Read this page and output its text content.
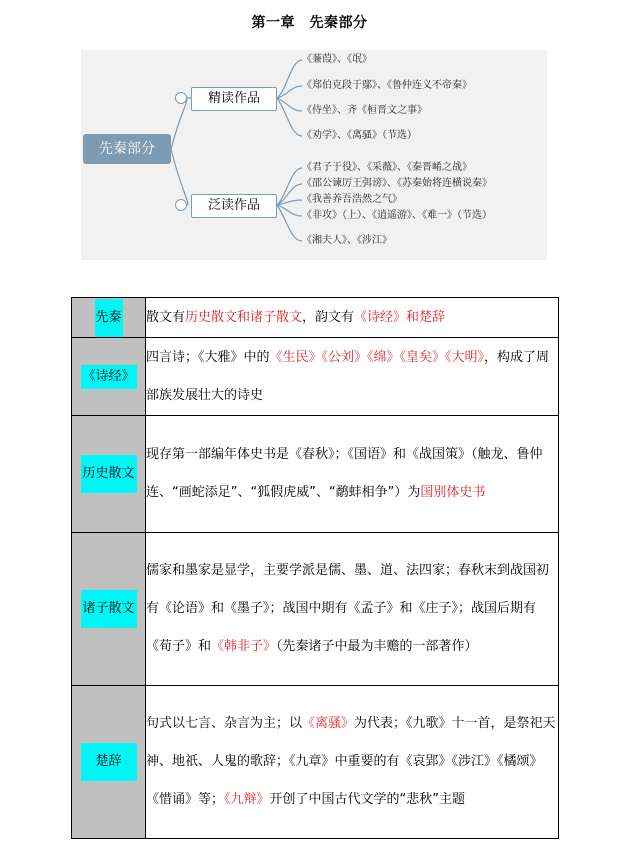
第一章　先秦部分
先秦部分
精读作品
泛读作品
《蒹葭》、《氓》
《郑伯克段于鄢》、《鲁仲连义不帝秦》
《侍坐》、齐《桓晋文之事》
《劝学》、《离骚》（节选）
《君子于役》、《采薇》、《秦晋崤之战》
《邵公谏厉王弭谤》、《苏秦始将连横说秦》
《我善养吾浩然之气》
《非攻》（上）、《逍遥游》、《难一》（节选）
《湘夫人》、《涉江》
先秦	散文有历史散文和诸子散文，韵文有《诗经》和楚辞
《诗经》	四言诗；《大雅》中的《生民》《公刘》《绵》《皇矣》《大明》，构成了周部族发展壮大的诗史
历史散文	现存第一部编年体史书是《春秋》；《国语》和《战国策》（触龙、鲁仲连、“画蛇添足”、“狐假虎威”、“鹬蚌相争”）为国别体史书
诸子散文	儒家和墨家是显学，主要学派是儒、墨、道、法四家；春秋末到战国初有《论语》和《墨子》；战国中期有《孟子》和《庄子》；战国后期有《荀子》和《韩非子》（先秦诸子中最为丰赡的一部著作）
楚辞	句式以七言、杂言为主；以《离骚》为代表；《九歌》十一首，是祭祀天神、地祇、人鬼的歌辞；《九章》中重要的有《哀郢》《涉江》《橘颂》《惜诵》等；《九辩》开创了中国古代文学的“悲秋”主题
